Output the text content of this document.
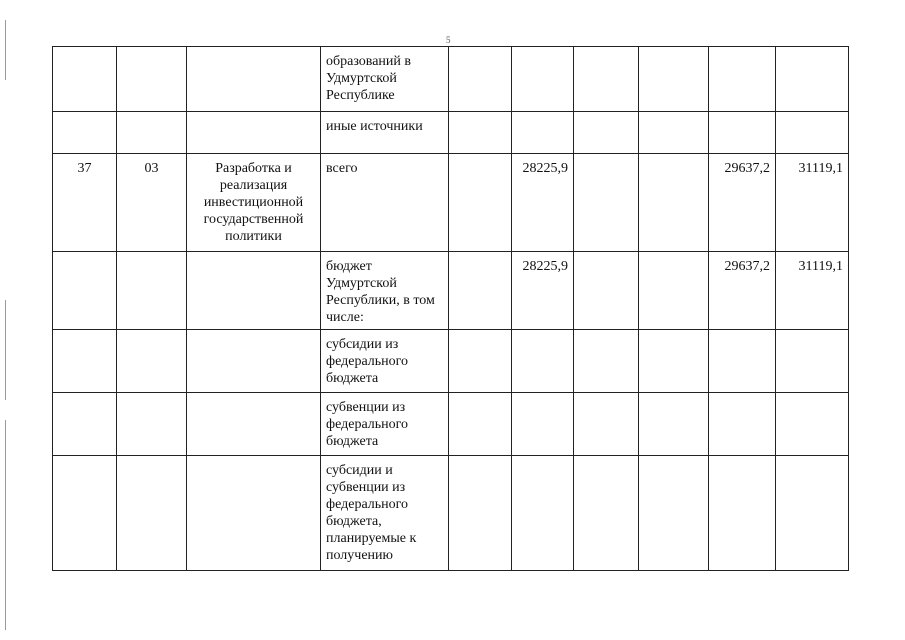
5
			образований в Удмуртской Республике						
			иные источники						
37	03	Разработка и реализация инвестиционной государственной политики	всего		28225,9			29637,2	31119,1
			бюджет Удмуртской Республики, в том числе:		28225,9			29637,2	31119,1
			субсидии из федерального бюджета						
			субвенции из федерального бюджета						
			субсидии и субвенции из федерального бюджета, планируемые к получению						
